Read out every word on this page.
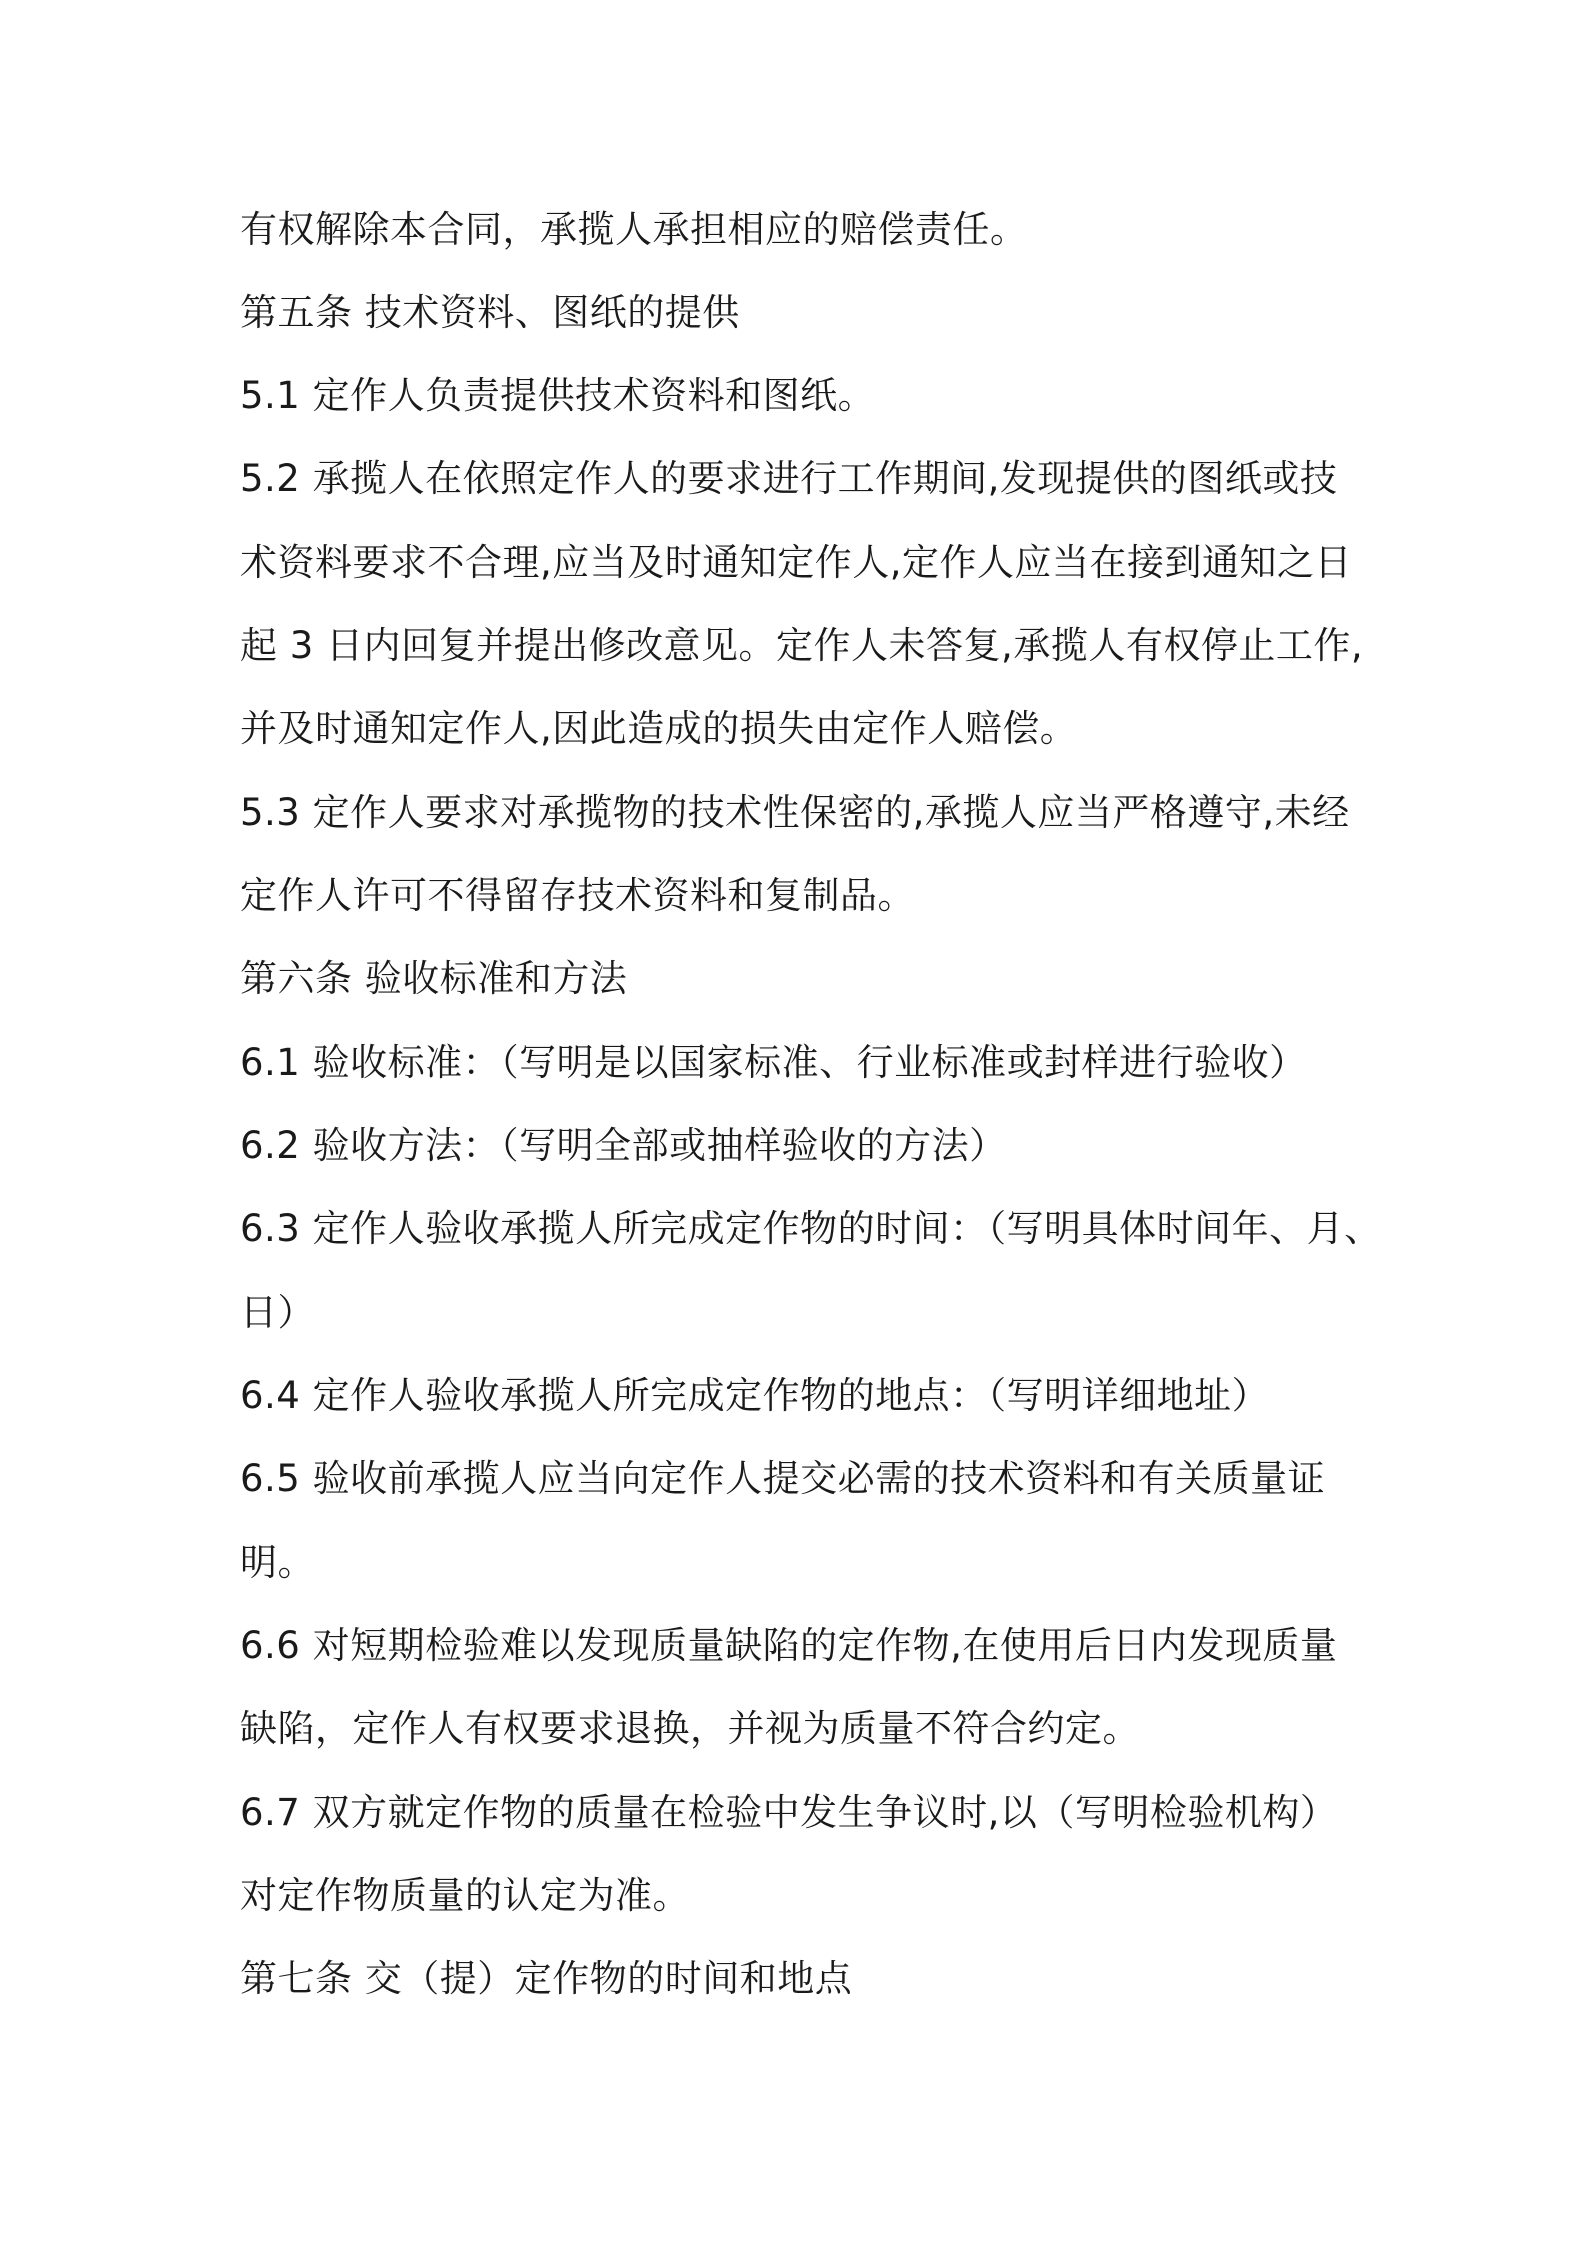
有权解除本合同，承揽人承担相应的赔偿责任。
第五条 技术资料、图纸的提供
5.1 定作人负责提供技术资料和图纸。
5.2 承揽人在依照定作人的要求进行工作期间,发现提供的图纸或技
术资料要求不合理,应当及时通知定作人,定作人应当在接到通知之日
起 3 日内回复并提出修改意见。定作人未答复,承揽人有权停止工作,
并及时通知定作人,因此造成的损失由定作人赔偿。
5.3 定作人要求对承揽物的技术性保密的,承揽人应当严格遵守,未经
定作人许可不得留存技术资料和复制品。
第六条 验收标准和方法
6.1 验收标准：（写明是以国家标准、行业标准或封样进行验收）
6.2 验收方法：（写明全部或抽样验收的方法）
6.3 定作人验收承揽人所完成定作物的时间：（写明具体时间年、月、
日）
6.4 定作人验收承揽人所完成定作物的地点：（写明详细地址）
6.5 验收前承揽人应当向定作人提交必需的技术资料和有关质量证
明。
6.6 对短期检验难以发现质量缺陷的定作物,在使用后日内发现质量
缺陷，定作人有权要求退换，并视为质量不符合约定。
6.7 双方就定作物的质量在检验中发生争议时,以（写明检验机构）
对定作物质量的认定为准。
第七条 交（提）定作物的时间和地点
